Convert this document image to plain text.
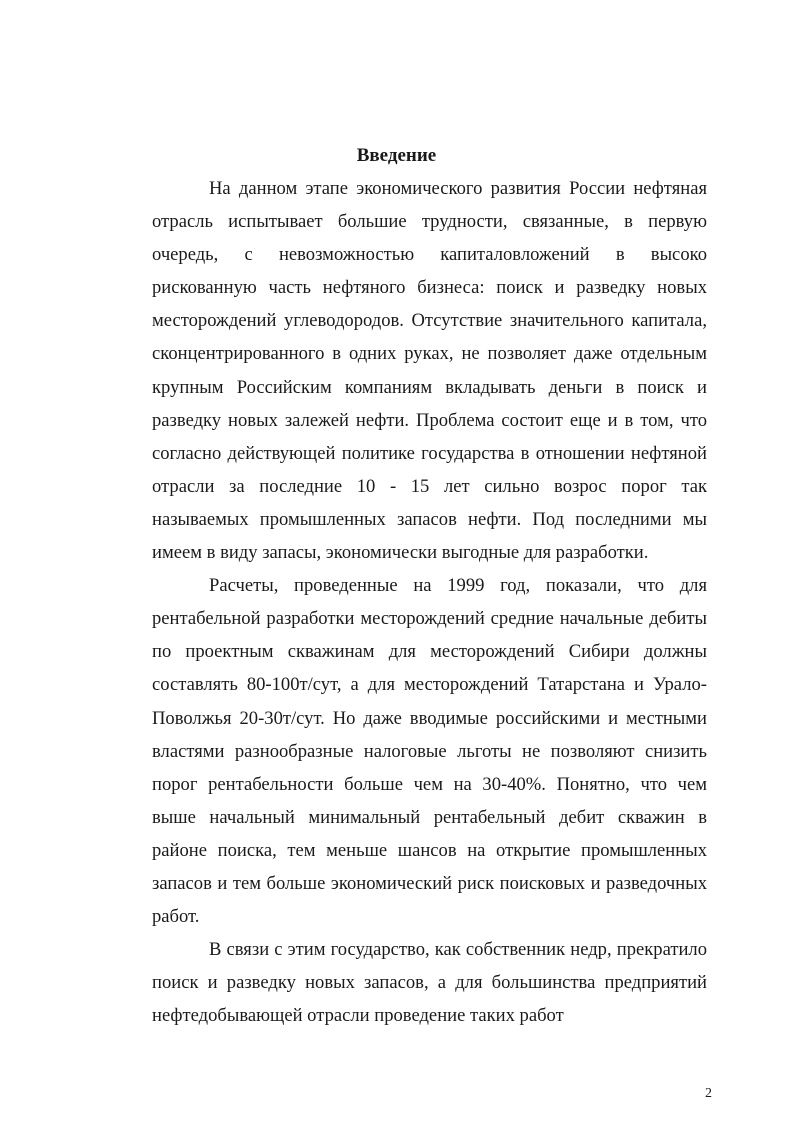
Введение

На данном этапе экономического развития России нефтяная отрасль испытывает большие трудности, связанные, в первую очередь, с невозможностью капиталовложений в высоко рискованную часть нефтяного бизнеса: поиск и разведку новых месторождений углеводородов. Отсутствие значительного капитала, сконцентрированного в одних руках, не позволяет даже отдельным крупным Российским компаниям вкладывать деньги в поиск и разведку новых залежей нефти. Проблема состоит еще и в том, что согласно действующей политике государства в отношении нефтяной отрасли за последние 10 - 15 лет сильно возрос порог так называемых промышленных запасов нефти. Под последними мы имеем в виду запасы, экономически выгодные для разработки.

Расчеты, проведенные на 1999 год, показали, что для рентабельной разработки месторождений средние начальные дебиты по проектным скважинам для месторождений Сибири должны составлять 80-100т/сут, а для месторождений Татарстана и Урало-Поволжья 20-30т/сут. Но даже вводимые российскими и местными властями разнообразные налоговые льготы не позволяют снизить порог рентабельности больше чем на 30-40%. Понятно, что чем выше начальный минимальный рентабельный дебит скважин в районе поиска, тем меньше шансов на открытие промышленных запасов и тем больше экономический риск поисковых и разведочных работ.

В связи с этим государство, как собственник недр, прекратило поиск и разведку новых запасов, а для большинства предприятий нефтедобывающей отрасли проведение таких работ

2
